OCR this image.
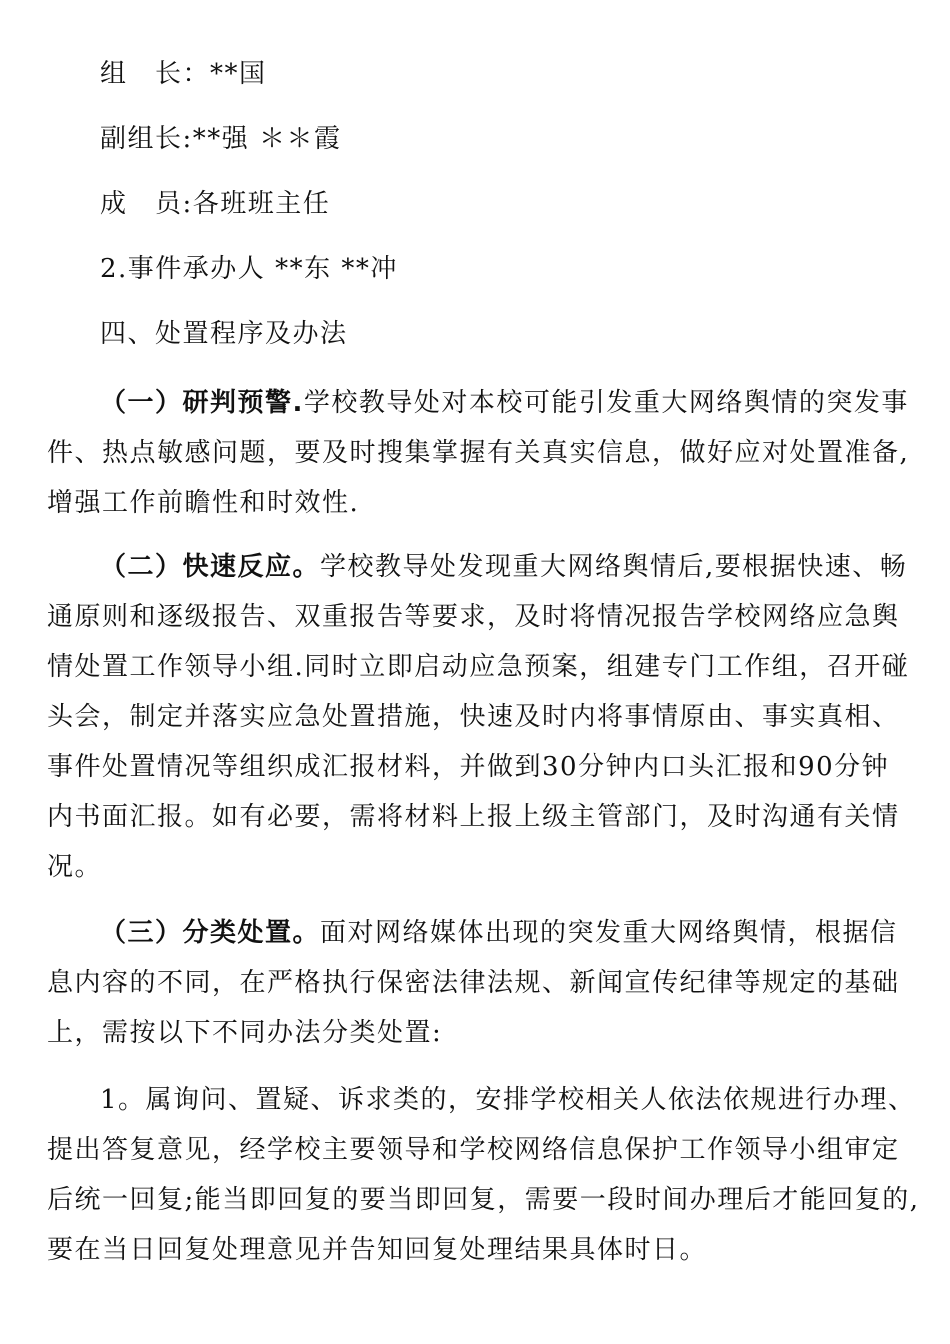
组　长：**国
副组长:**强 ＊＊霞
成　员:各班班主任
2.事件承办人 **东 **冲
四、处置程序及办法
（一）研判预警.学校教导处对本校可能引发重大网络舆情的突发事
件、热点敏感问题，要及时搜集掌握有关真实信息，做好应对处置准备,
增强工作前瞻性和时效性.
（二）快速反应。学校教导处发现重大网络舆情后,要根据快速、畅
通原则和逐级报告、双重报告等要求，及时将情况报告学校网络应急舆
情处置工作领导小组.同时立即启动应急预案，组建专门工作组，召开碰
头会，制定并落实应急处置措施，快速及时内将事情原由、事实真相、
事件处置情况等组织成汇报材料，并做到30分钟内口头汇报和90分钟
内书面汇报。如有必要，需将材料上报上级主管部门，及时沟通有关情
况。
（三）分类处置。面对网络媒体出现的突发重大网络舆情，根据信
息内容的不同，在严格执行保密法律法规、新闻宣传纪律等规定的基础
上，需按以下不同办法分类处置:
1。属询问、置疑、诉求类的，安排学校相关人依法依规进行办理、
提出答复意见，经学校主要领导和学校网络信息保护工作领导小组审定
后统一回复;能当即回复的要当即回复，需要一段时间办理后才能回复的,
要在当日回复处理意见并告知回复处理结果具体时日。
